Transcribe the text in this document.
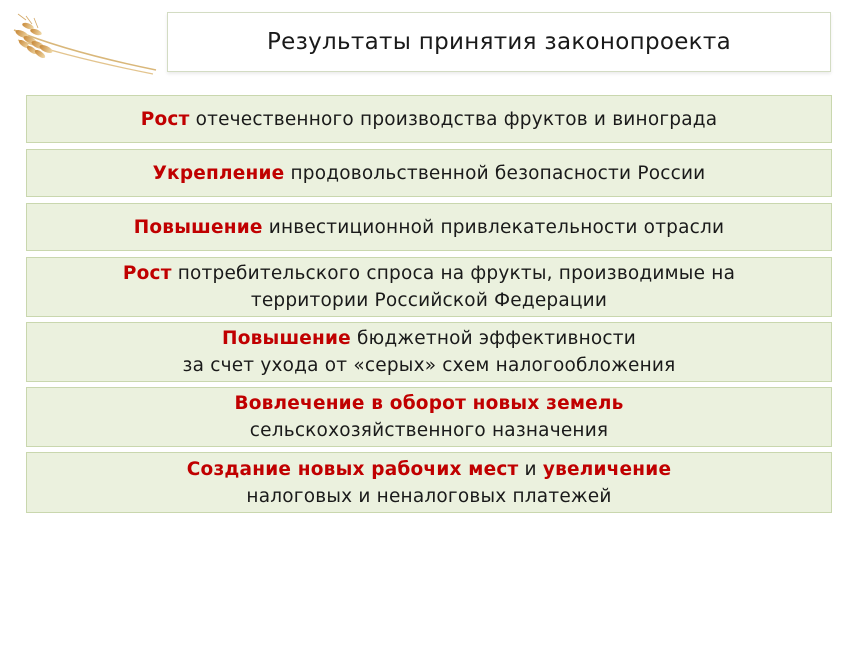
Результаты принятия законопроекта
Рост отечественного производства фруктов и винограда
Укрепление продовольственной безопасности России
Повышение инвестиционной привлекательности отрасли
Рост потребительского спроса на фрукты, производимые на
территории Российской Федерации
Повышение бюджетной эффективности
за счет ухода от «серых» схем налогообложения
Вовлечение в оборот новых земель
сельскохозяйственного назначения
Создание новых рабочих мест и увеличение
налоговых и неналоговых платежей
